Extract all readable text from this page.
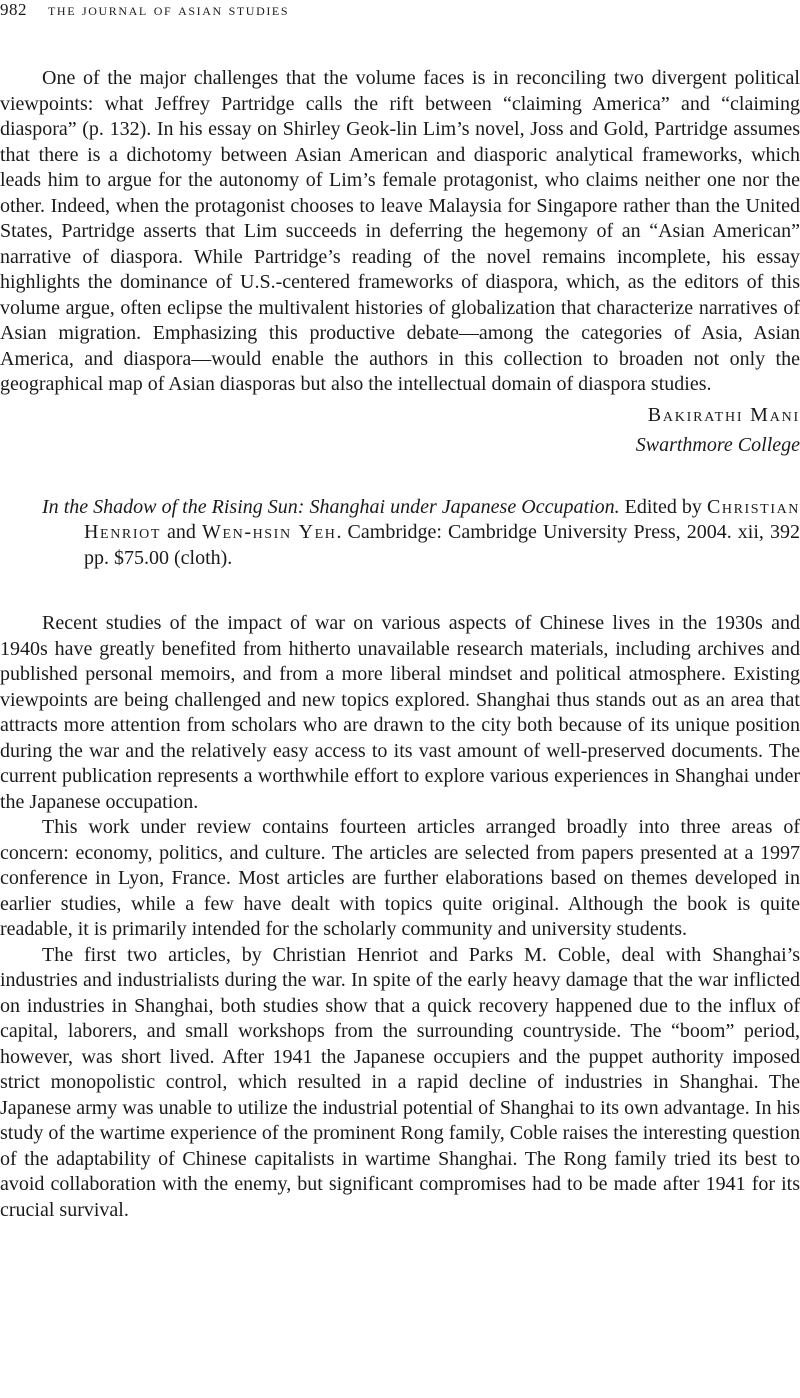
982 the journal of asian studies

One of the major challenges that the volume faces is in reconciling two divergent political viewpoints: what Jeffrey Partridge calls the rift between “claiming America” and “claiming diaspora” (p. 132). In his essay on Shirley Geok-lin Lim’s novel, Joss and Gold, Partridge assumes that there is a dichotomy between Asian American and diasporic analytical frameworks, which leads him to argue for the autonomy of Lim’s female protagonist, who claims neither one nor the other. Indeed, when the protagonist chooses to leave Malaysia for Singapore rather than the United States, Partridge asserts that Lim succeeds in deferring the hegemony of an “Asian American” narrative of diaspora. While Partridge’s reading of the novel remains incomplete, his essay highlights the dominance of U.S.-centered frameworks of diaspora, which, as the editors of this volume argue, often eclipse the multivalent histories of globalization that characterize narratives of Asian migration. Emphasizing this productive debate—among the categories of Asia, Asian America, and diaspora—would enable the authors in this collection to broaden not only the geographical map of Asian diasporas but also the intellectual domain of diaspora studies.

Bakirathi Mani
Swarthmore College
In the Shadow of the Rising Sun: Shanghai under Japanese Occupation. Edited by Christian Henriot and Wen-hsin Yeh. Cambridge: Cambridge University Press, 2004. xii, 392 pp. $75.00 (cloth).

Recent studies of the impact of war on various aspects of Chinese lives in the 1930s and 1940s have greatly benefited from hitherto unavailable research materials, including archives and published personal memoirs, and from a more liberal mindset and political atmosphere. Existing viewpoints are being challenged and new topics explored. Shanghai thus stands out as an area that attracts more attention from scholars who are drawn to the city both because of its unique position during the war and the relatively easy access to its vast amount of well-preserved documents. The current publication represents a worthwhile effort to explore various experiences in Shanghai under the Japanese occupation.

This work under review contains fourteen articles arranged broadly into three areas of concern: economy, politics, and culture. The articles are selected from papers presented at a 1997 conference in Lyon, France. Most articles are further elaborations based on themes developed in earlier studies, while a few have dealt with topics quite original. Although the book is quite readable, it is primarily intended for the scholarly community and university students.

The first two articles, by Christian Henriot and Parks M. Coble, deal with Shanghai’s industries and industrialists during the war. In spite of the early heavy damage that the war inflicted on industries in Shanghai, both studies show that a quick recovery happened due to the influx of capital, laborers, and small workshops from the surrounding countryside. The “boom” period, however, was short lived. After 1941 the Japanese occupiers and the puppet authority imposed strict monopolistic control, which resulted in a rapid decline of industries in Shanghai. The Japanese army was unable to utilize the industrial potential of Shanghai to its own advantage. In his study of the wartime experience of the prominent Rong family, Coble raises the interesting question of the adaptability of Chinese capitalists in wartime Shanghai. The Rong family tried its best to avoid collaboration with the enemy, but significant compromises had to be made after 1941 for its crucial survival.
